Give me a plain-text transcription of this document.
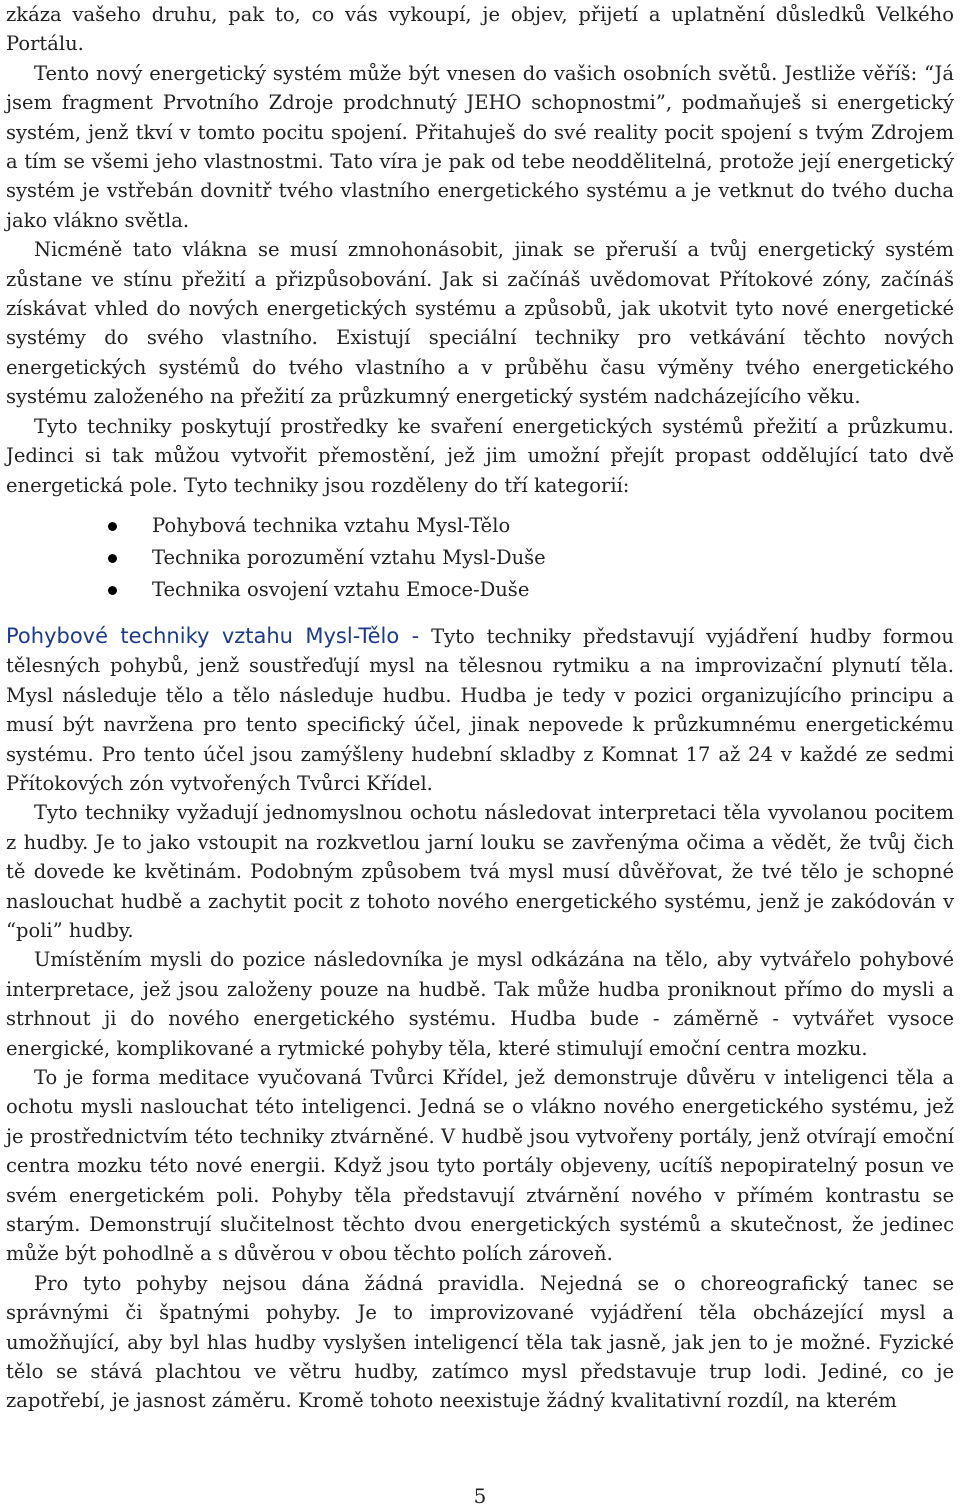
zkáza vašeho druhu, pak to, co vás vykoupí, je objev, přijetí a uplatnění důsledků Velkého Portálu.

Tento nový energetický systém může být vnesen do vašich osobních světů. Jestliže věříš: “Já jsem fragment Prvotního Zdroje prodchnutý JEHO schopnostmi”, podmaňuješ si energetický systém, jenž tkví v tomto pocitu spojení. Přitahuješ do své reality pocit spojení s tvým Zdrojem a tím se všemi jeho vlastnostmi. Tato víra je pak od tebe neoddělitelná, protože její energetický systém je vstřebán dovnitř tvého vlastního energetického systému a je vetknut do tvého ducha jako vlákno světla.

Nicméně tato vlákna se musí zmnohonásobit, jinak se přeruší a tvůj energetický systém zůstane ve stínu přežití a přizpůsobování. Jak si začínáš uvědomovat Přítokové zóny, začínáš získávat vhled do nových energetických systému a způsobů, jak ukotvit tyto nové energetické systémy do svého vlastního. Existují speciální techniky pro vetkávání těchto nových energetických systémů do tvého vlastního a v průběhu času výměny tvého energetického systému založeného na přežití za průzkumný energetický systém nadcházejícího věku.

Tyto techniky poskytují prostředky ke svaření energetických systémů přežití a průzkumu. Jedinci si tak můžou vytvořit přemostění, jež jim umožní přejít propast oddělující tato dvě energetická pole. Tyto techniky jsou rozděleny do tří kategorií:

Pohybová technika vztahu Mysl-Tělo
Technika porozumění vztahu Mysl-Duše
Technika osvojení vztahu Emoce-Duše

Pohybové techniky vztahu Mysl-Tělo - Tyto techniky představují vyjádření hudby formou tělesných pohybů, jenž soustřeďují mysl na tělesnou rytmiku a na improvizační plynutí těla. Mysl následuje tělo a tělo následuje hudbu. Hudba je tedy v pozici organizujícího principu a musí být navržena pro tento specifický účel, jinak nepovede k průzkumnému energetickému systému. Pro tento účel jsou zamýšleny hudební skladby z Komnat 17 až 24 v každé ze sedmi Přítokových zón vytvořených Tvůrci Křídel.

Tyto techniky vyžadují jednomyslnou ochotu následovat interpretaci těla vyvolanou pocitem z hudby. Je to jako vstoupit na rozkvetlou jarní louku se zavřenýma očima a vědět, že tvůj čich tě dovede ke květinám. Podobným způsobem tvá mysl musí důvěřovat, že tvé tělo je schopné naslouchat hudbě a zachytit pocit z tohoto nového energetického systému, jenž je zakódován v “poli” hudby.

Umístěním mysli do pozice následovníka je mysl odkázána na tělo, aby vytvářelo pohybové interpretace, jež jsou založeny pouze na hudbě. Tak může hudba proniknout přímo do mysli a strhnout ji do nového energetického systému. Hudba bude - záměrně - vytvářet vysoce energické, komplikované a rytmické pohyby těla, které stimulují emoční centra mozku.

To je forma meditace vyučovaná Tvůrci Křídel, jež demonstruje důvěru v inteligenci těla a ochotu mysli naslouchat této inteligenci. Jedná se o vlákno nového energetického systému, jež je prostřednictvím této techniky ztvárněné. V hudbě jsou vytvořeny portály, jenž otvírají emoční centra mozku této nové energii. Když jsou tyto portály objeveny, ucítíš nepopiratelný posun ve svém energetickém poli. Pohyby těla představují ztvárnění nového v přímém kontrastu se starým. Demonstrují slučitelnost těchto dvou energetických systémů a skutečnost, že jedinec může být pohodlně a s důvěrou v obou těchto polích zároveň.

Pro tyto pohyby nejsou dána žádná pravidla. Nejedná se o choreografický tanec se správnými či špatnými pohyby. Je to improvizované vyjádření těla obcházející mysl a umožňující, aby byl hlas hudby vyslyšen inteligencí těla tak jasně, jak jen to je možné. Fyzické tělo se stává plachtou ve větru hudby, zatímco mysl představuje trup lodi. Jediné, co je zapotřebí, je jasnost záměru. Kromě tohoto neexistuje žádný kvalitativní rozdíl, na kterém

5
